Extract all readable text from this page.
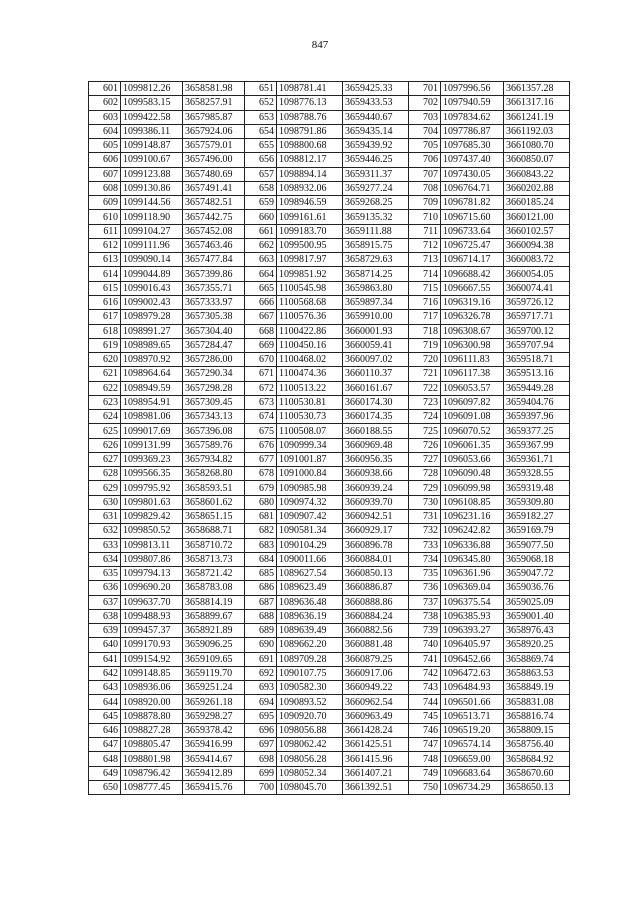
847
601	1099812.26	3658581.98	651	1098781.41	3659425.33	701	1097996.56	3661357.28
602	1099583.15	3658257.91	652	1098776.13	3659433.53	702	1097940.59	3661317.16
603	1099422.58	3657985.87	653	1098788.76	3659440.67	703	1097834.62	3661241.19
604	1099386.11	3657924.06	654	1098791.86	3659435.14	704	1097786.87	3661192.03
605	1099148.87	3657579.01	655	1098800.68	3659439.92	705	1097685.30	3661080.70
606	1099100.67	3657496.00	656	1098812.17	3659446.25	706	1097437.40	3660850.07
607	1099123.88	3657480.69	657	1098894.14	3659311.37	707	1097430.05	3660843.22
608	1099130.86	3657491.41	658	1098932.06	3659277.24	708	1096764.71	3660202.88
609	1099144.56	3657482.51	659	1098946.59	3659268.25	709	1096781.82	3660185.24
610	1099118.90	3657442.75	660	1099161.61	3659135.32	710	1096715.60	3660121.00
611	1099104.27	3657452.08	661	1099183.70	3659111.88	711	1096733.64	3660102.57
612	1099111.96	3657463.46	662	1099500.95	3658915.75	712	1096725.47	3660094.38
613	1099090.14	3657477.84	663	1099817.97	3658729.63	713	1096714.17	3660083.72
614	1099044.89	3657399.86	664	1099851.92	3658714.25	714	1096688.42	3660054.05
615	1099016.43	3657355.71	665	1100545.98	3659863.80	715	1096667.55	3660074.41
616	1099002.43	3657333.97	666	1100568.68	3659897.34	716	1096319.16	3659726.12
617	1098979.28	3657305.38	667	1100576.36	3659910.00	717	1096326.78	3659717.71
618	1098991.27	3657304.40	668	1100422.86	3660001.93	718	1096308.67	3659700.12
619	1098989.65	3657284.47	669	1100450.16	3660059.41	719	1096300.98	3659707.94
620	1098970.92	3657286.00	670	1100468.02	3660097.02	720	1096111.83	3659518.71
621	1098964.64	3657290.34	671	1100474.36	3660110.37	721	1096117.38	3659513.16
622	1098949.59	3657298.28	672	1100513.22	3660161.67	722	1096053.57	3659449.28
623	1098954.91	3657309.45	673	1100530.81	3660174.30	723	1096097.82	3659404.76
624	1098981.06	3657343.13	674	1100530.73	3660174.35	724	1096091.08	3659397.96
625	1099017.69	3657396.08	675	1100508.07	3660188.55	725	1096070.52	3659377.25
626	1099131.99	3657589.76	676	1090999.34	3660969.48	726	1096061.35	3659367.99
627	1099369.23	3657934.82	677	1091001.87	3660956.35	727	1096053.66	3659361.71
628	1099566.35	3658268.80	678	1091000.84	3660938.66	728	1096090.48	3659328.55
629	1099795.92	3658593.51	679	1090985.98	3660939.24	729	1096099.98	3659319.48
630	1099801.63	3658601.62	680	1090974.32	3660939.70	730	1096108.85	3659309.80
631	1099829.42	3658651.15	681	1090907.42	3660942.51	731	1096231.16	3659182.27
632	1099850.52	3658688.71	682	1090581.34	3660929.17	732	1096242.82	3659169.79
633	1099813.11	3658710.72	683	1090104.29	3660896.78	733	1096336.88	3659077.50
634	1099807.86	3658713.73	684	1090011.66	3660884.01	734	1096345.80	3659068.18
635	1099794.13	3658721.42	685	1089627.54	3660850.13	735	1096361.96	3659047.72
636	1099690.20	3658783.08	686	1089623.49	3660886.87	736	1096369.04	3659036.76
637	1099637.70	3658814.19	687	1089636.48	3660888.86	737	1096375.54	3659025.09
638	1099488.93	3658899.67	688	1089636.19	3660884.24	738	1096385.93	3659001.40
639	1099457.37	3658921.89	689	1089639.49	3660882.56	739	1096393.27	3658976.43
640	1099170.93	3659096.25	690	1089662.20	3660881.48	740	1096405.97	3658920.25
641	1099154.92	3659109.65	691	1089709.28	3660879.25	741	1096452.66	3658869.74
642	1099148.85	3659119.70	692	1090107.75	3660917.06	742	1096472.63	3658863.53
643	1098936.06	3659251.24	693	1090582.30	3660949.22	743	1096484.93	3658849.19
644	1098920.00	3659261.18	694	1090893.52	3660962.54	744	1096501.66	3658831.08
645	1098878.80	3659298.27	695	1090920.70	3660963.49	745	1096513.71	3658816.74
646	1098827.28	3659378.42	696	1098056.88	3661428.24	746	1096519.20	3658809.15
647	1098805.47	3659416.99	697	1098062.42	3661425.51	747	1096574.14	3658756.40
648	1098801.98	3659414.67	698	1098056.28	3661415.96	748	1096659.00	3658684.92
649	1098796.42	3659412.89	699	1098052.34	3661407.21	749	1096683.64	3658670.60
650	1098777.45	3659415.76	700	1098045.70	3661392.51	750	1096734.29	3658650.13
